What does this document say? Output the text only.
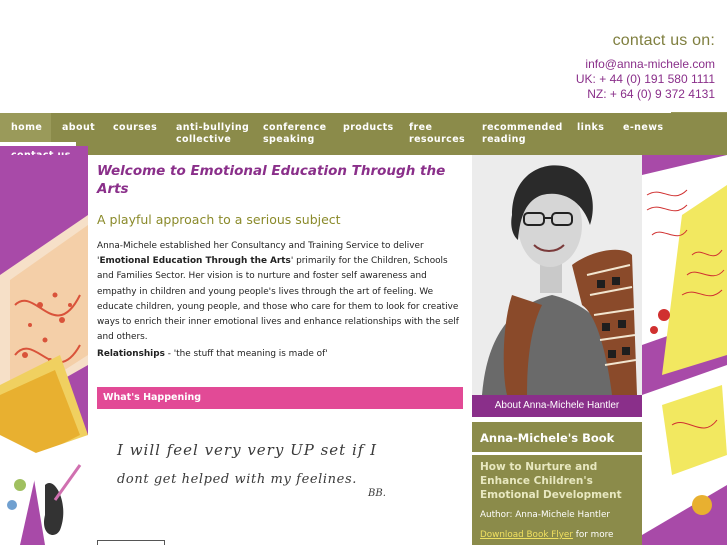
contact us on:
info@anna-michele.com
UK: + 44 (0) 191 580 1111
NZ: + 64 (0) 9 372 4131
home about courses anti-bullying
collective
conference
speaking
products free
resources
recommended
reading
links e-news
Welcome to Emotional Education Through the Arts
A playful approach to a serious subject
Anna-Michele established her Consultancy and Training Service to deliver 'Emotional Education Through the Arts' primarily for the Children, Schools and Families Sector. Her vision is to nurture and foster self awareness and empathy in children and young people's lives through the art of feeling. We educate children, young people, and those who care for them to look for creative ways to enrich their inner emotional lives and enhance relationships with the self and others.
Relationships - 'the stuff that meaning is made of'
What's Happening
I will feel very very UP set if I
dont get helped with my feelines.
BB.
About Anna-Michele Hantler
Anna-Michele's Book
How to Nurture and Enhance Children's Emotional Development
Author: Anna-Michele Hantler
Download Book Flyer for more
